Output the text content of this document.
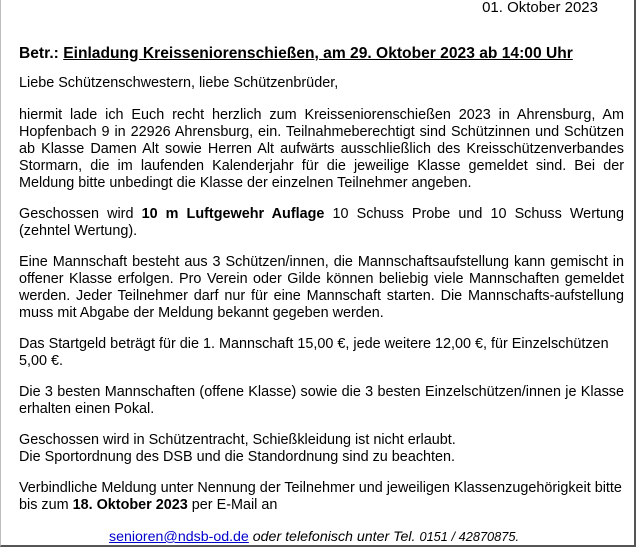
01. Oktober 2023
Betr.: Einladung Kreisseniorenschießen, am 29. Oktober 2023 ab 14:00 Uhr

Liebe Schützenschwestern, liebe Schützenbrüder,

hiermit lade ich Euch recht herzlich zum Kreisseniorenschießen 2023 in Ahrensburg, Am Hopfenbach 9 in 22926 Ahrensburg, ein. Teilnahmeberechtigt sind Schützinnen und Schützen ab Klasse Damen Alt sowie Herren Alt aufwärts ausschließlich des Kreisschützenverbandes Stormarn, die im laufenden Kalenderjahr für die jeweilige Klasse gemeldet sind. Bei der Meldung bitte unbedingt die Klasse der einzelnen Teilnehmer angeben.

Geschossen wird 10 m Luftgewehr Auflage 10 Schuss Probe und 10 Schuss Wertung (zehntel Wertung).

Eine Mannschaft besteht aus 3 Schützen/innen, die Mannschaftsaufstellung kann gemischt in offener Klasse erfolgen. Pro Verein oder Gilde können beliebig viele Mannschaften gemeldet werden. Jeder Teilnehmer darf nur für eine Mannschaft starten. Die Mannschafts-aufstellung muss mit Abgabe der Meldung bekannt gegeben werden.

Das Startgeld beträgt für die 1. Mannschaft 15,00 €, jede weitere 12,00 €, für Einzelschützen 5,00 €.

Die 3 besten Mannschaften (offene Klasse) sowie die 3 besten Einzelschützen/innen je Klasse erhalten einen Pokal.

Geschossen wird in Schützentracht, Schießkleidung ist nicht erlaubt.
Die Sportordnung des DSB und die Standordnung sind zu beachten.

Verbindliche Meldung unter Nennung der Teilnehmer und jeweiligen Klassenzugehörigkeit bitte bis zum 18. Oktober 2023 per E-Mail an

senioren@ndsb-od.de oder telefonisch unter Tel. 0151 / 42870875.
